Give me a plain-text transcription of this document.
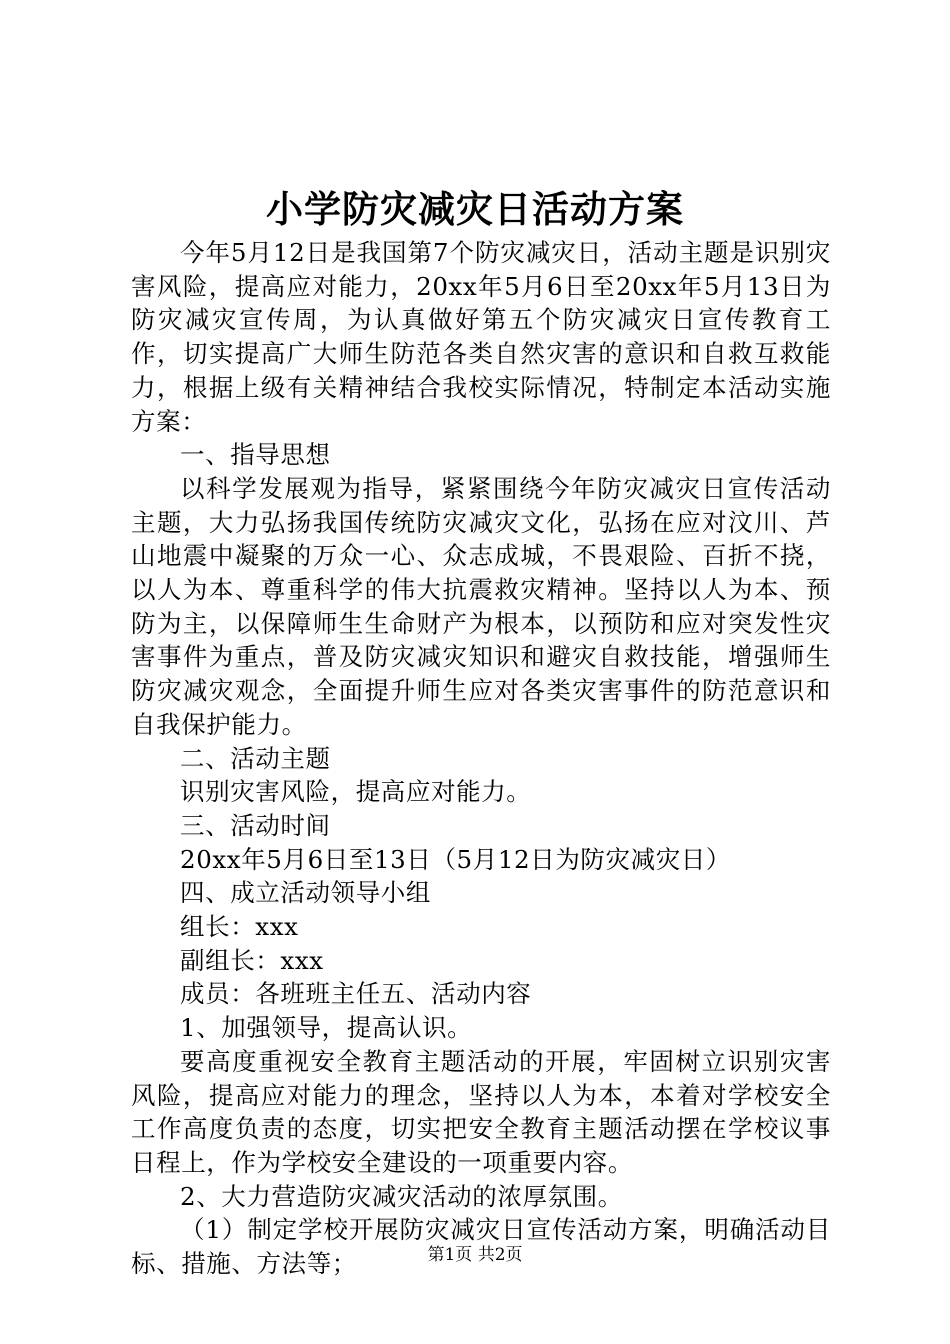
小学防灾减灾日活动方案

今年5月12日是我国第7个防灾减灾日，活动主题是识别灾害风险，提高应对能力，20xx年5月6日至20xx年5月13日为防灾减灾宣传周，为认真做好第五个防灾减灾日宣传教育工作，切实提高广大师生防范各类自然灾害的意识和自救互救能力，根据上级有关精神结合我校实际情况，特制定本活动实施方案：

一、指导思想

以科学发展观为指导，紧紧围绕今年防灾减灾日宣传活动主题，大力弘扬我国传统防灾减灾文化，弘扬在应对汶川、芦山地震中凝聚的万众一心、众志成城，不畏艰险、百折不挠，以人为本、尊重科学的伟大抗震救灾精神。坚持以人为本、预防为主，以保障师生生命财产为根本，以预防和应对突发性灾害事件为重点，普及防灾减灾知识和避灾自救技能，增强师生防灾减灾观念，全面提升师生应对各类灾害事件的防范意识和自我保护能力。

二、活动主题

识别灾害风险，提高应对能力。

三、活动时间

20xx年5月6日至13日（5月12日为防灾减灾日）

四、成立活动领导小组

组长：xxx

副组长：xxx

成员：各班班主任五、活动内容

1、加强领导，提高认识。

要高度重视安全教育主题活动的开展，牢固树立识别灾害风险，提高应对能力的理念，坚持以人为本，本着对学校安全工作高度负责的态度，切实把安全教育主题活动摆在学校议事日程上，作为学校安全建设的一项重要内容。

2、大力营造防灾减灾活动的浓厚氛围。

（1）制定学校开展防灾减灾日宣传活动方案，明确活动目标、措施、方法等；	第1页 共2页
